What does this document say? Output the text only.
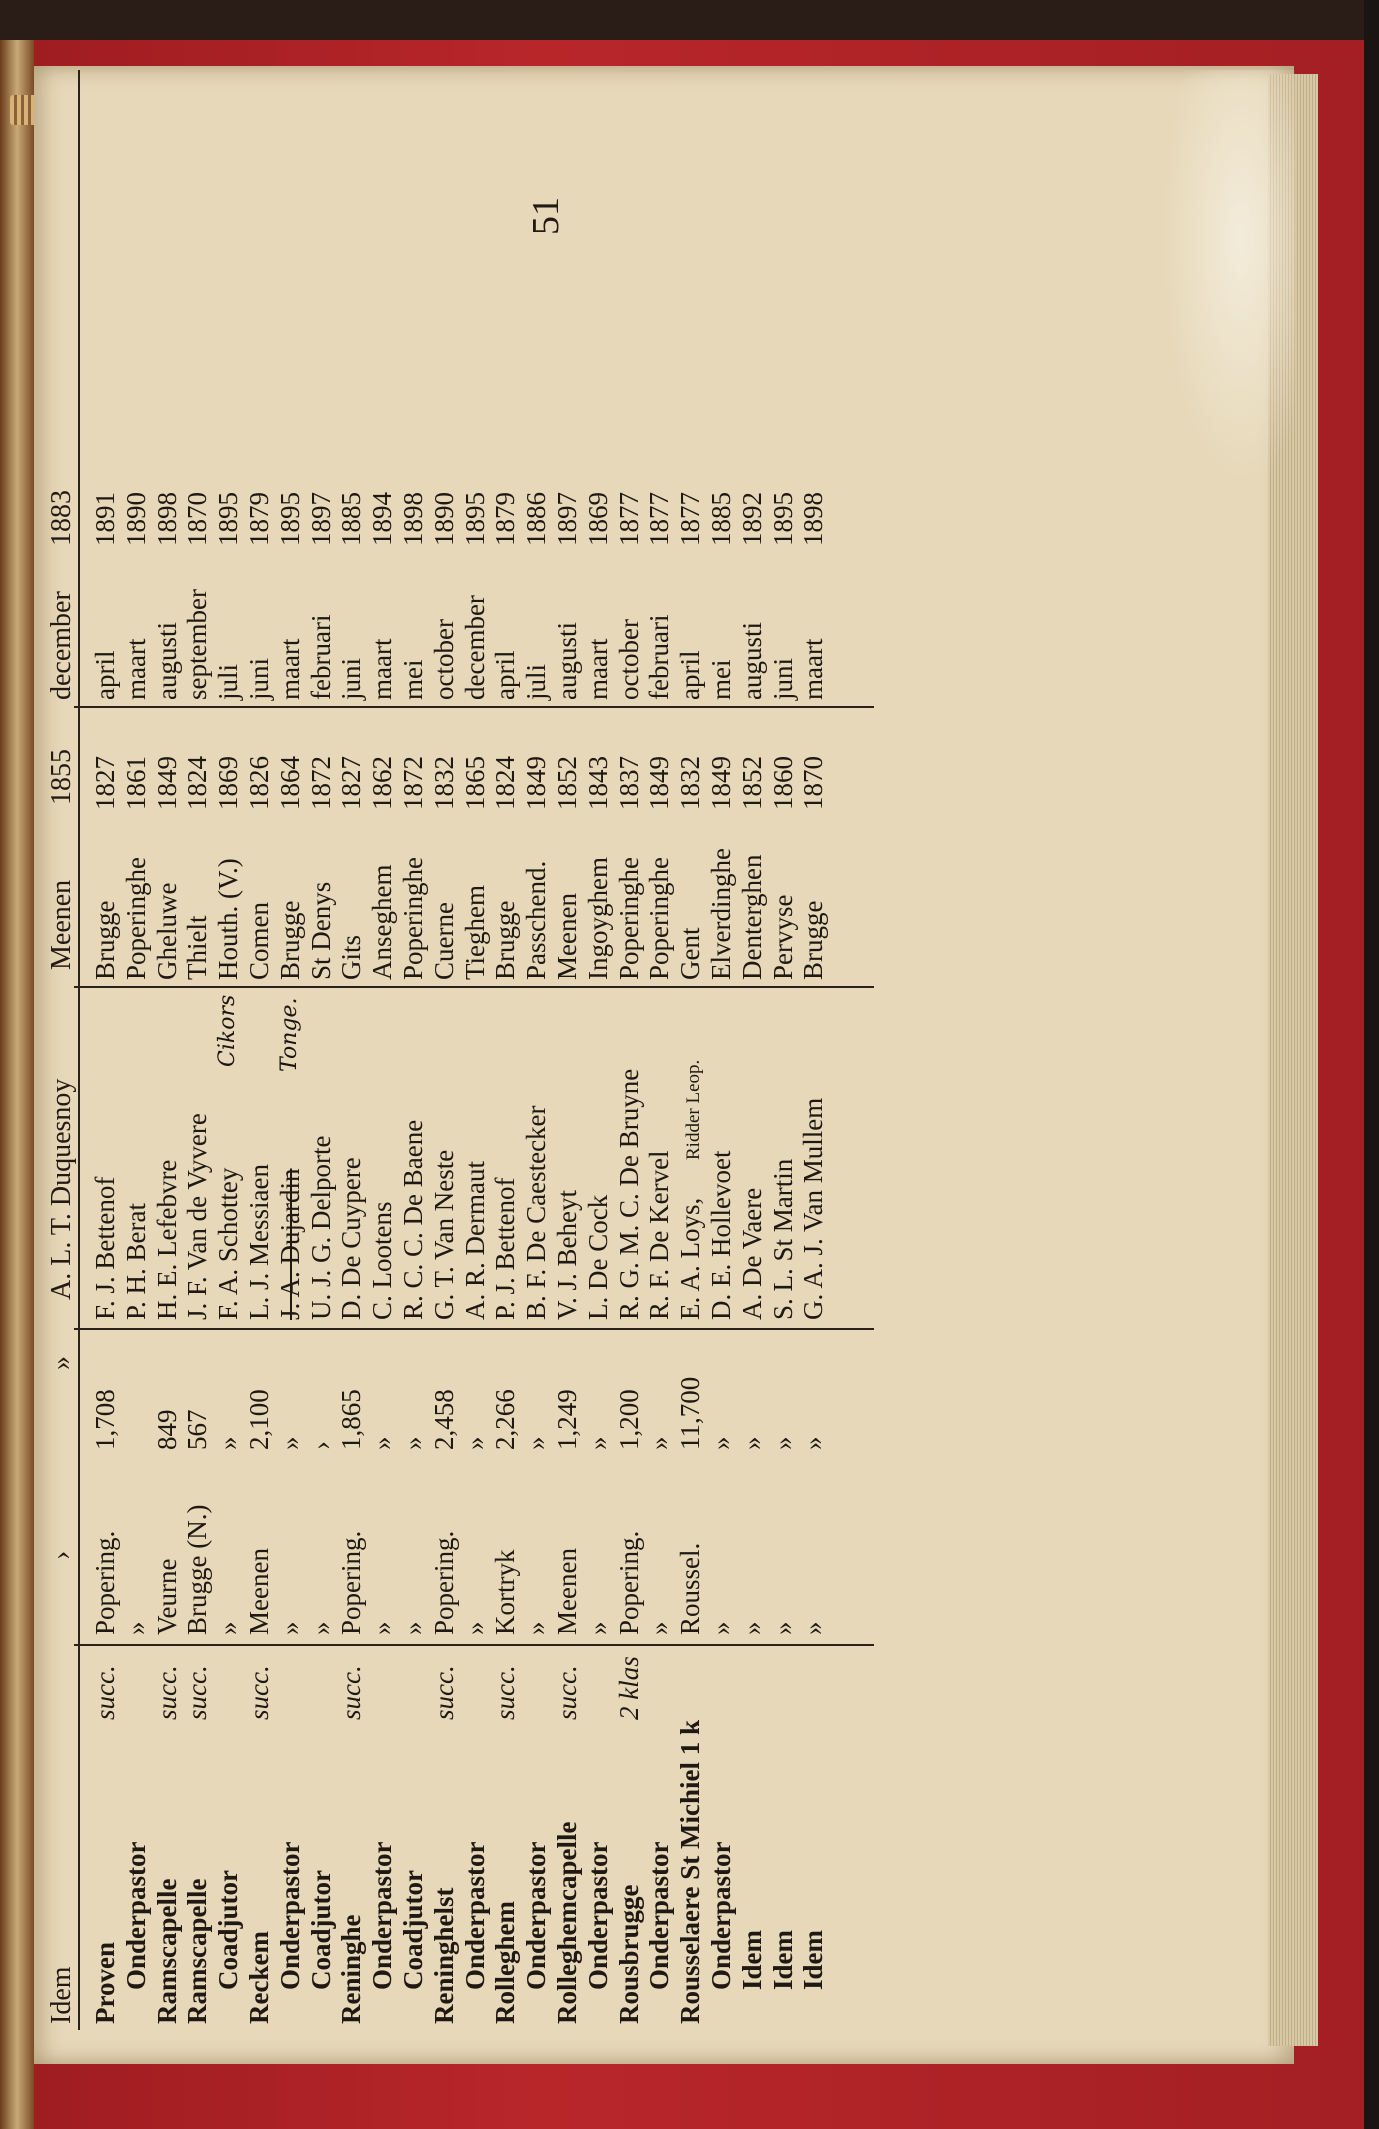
51
Idem
›
»
A. L. T. Duquesnoy
Meenen
1855
december
1883
Proven
succ.
Popering.
1,708
F. J. Bettenof
Brugge
1827
april
1891
Onderpastor
»
P. H. Berat
Poperinghe
1861
maart
1890
Ramscapelle
succ.
Veurne
849
H. E. Lefebvre
Gheluwe
1849
augusti
1898
Ramscapelle
succ.
Brugge (N.)
567
J. F. Van de Vyvere
Thielt
1824
september
1870
Coadjutor
»
»
F. A. Schottey
Cikors
Houth. (V.)
1869
juli
1895
Reckem
succ.
Meenen
2,100
L. J. Messiaen
Comen
1826
juni
1879
Onderpastor
»
»
J. A. Dujardin
Tonge.
Brugge
1864
maart
1895
Coadjutor
»
›
U. J. G. Delporte
St Denys
1872
februari
1897
Reninghe
succ.
Popering.
1,865
D. De Cuypere
Gits
1827
juni
1885
Onderpastor
»
»
C. Lootens
Anseghem
1862
maart
1894
Coadjutor
»
»
R. C. C. De Baene
Poperinghe
1872
mei
1898
Reninghelst
succ.
Popering.
2,458
G. T. Van Neste
Cuerne
1832
october
1890
Onderpastor
»
»
A. R. Dermaut
Tieghem
1865
december
1895
Rolleghem
succ.
Kortryk
2,266
P. J. Bettenof
Brugge
1824
april
1879
Onderpastor
»
»
B. F. De Caestecker
Passchend.
1849
juli
1886
Rolleghemcapelle
succ.
Meenen
1,249
V. J. Beheyt
Meenen
1852
augusti
1897
Onderpastor
»
»
L. De Cock
Ingoyghem
1843
maart
1869
Rousbrugge
2 klas
Popering.
1,200
R. G. M. C. De Bruyne
Poperinghe
1837
october
1877
Onderpastor
»
»
R. F. De Kervel
Poperinghe
1849
februari
1877
Rousselaere St Michiel 1 k
Roussel.
11,700
E. A. Loys,
Ridder Leop.
Gent
1832
april
1877
Onderpastor
»
»
D. E. Hollevoet
Elverdinghe
1849
mei
1885
Idem
»
»
A. De Vaere
Denterghen
1852
augusti
1892
Idem
»
»
S. L. St Martin
Pervyse
1860
juni
1895
Idem
»
»
G. A. J. Van Mullem
Brugge
1870
maart
1898
